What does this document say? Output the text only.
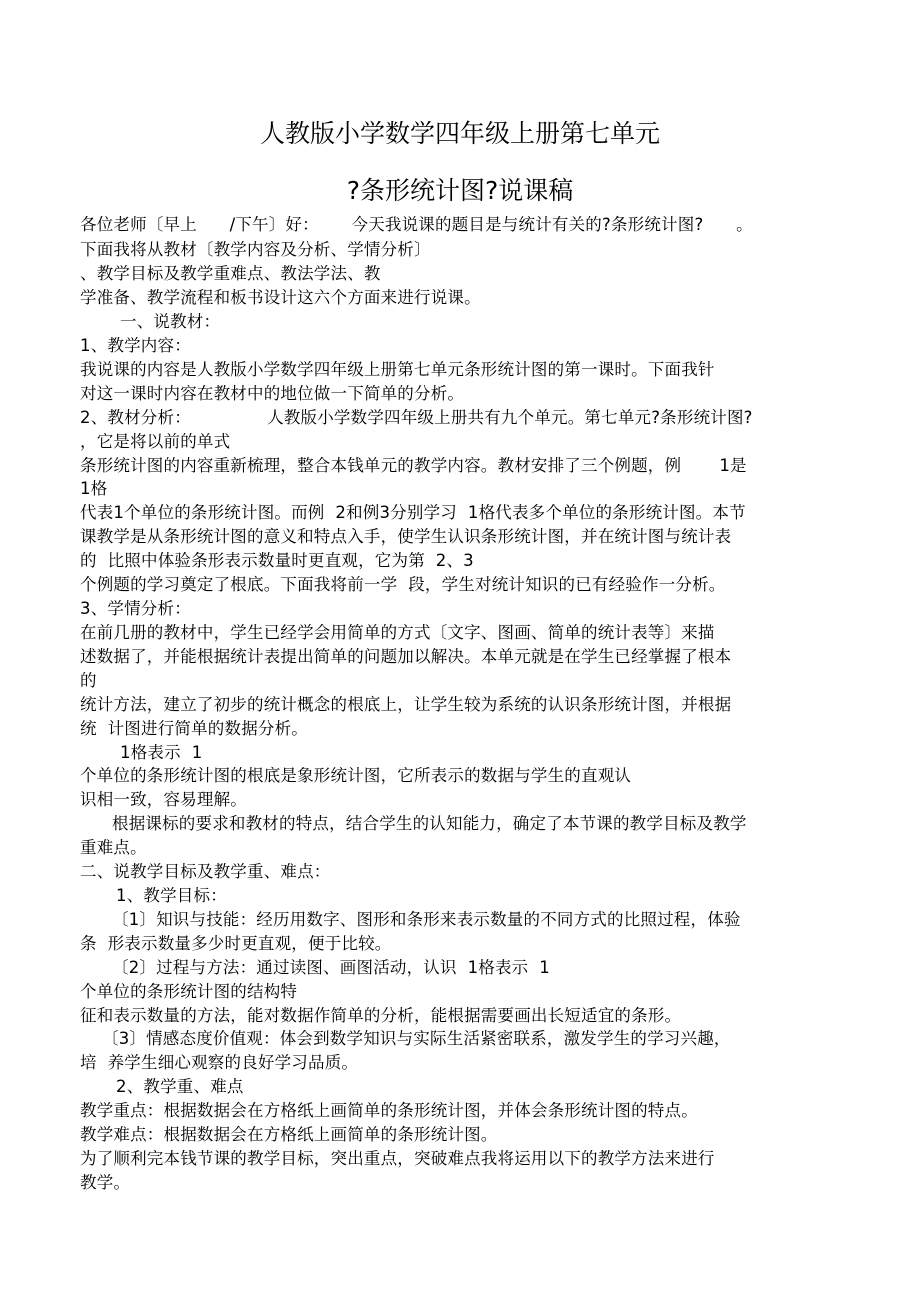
人教版小学数学四年级上册第七单元
?条形统计图?说课稿
各位老师〔早上      /下午〕好：      今天我说课的题目是与统计有关的?条形统计图?      。
下面我将从教材〔教学内容及分析、学情分析〕
、教学目标及教学重难点、教法学法、教
学准备、教学流程和板书设计这六个方面来进行说课。
一、说教材：
1、教学内容：
我说课的内容是人教版小学数学四年级上册第七单元条形统计图的第一课时。下面我针
对这一课时内容在教材中的地位做一下简单的分析。
2、教材分析：              人教版小学数学四年级上册共有九个单元。第七单元?条形统计图?
，它是将以前的单式
条形统计图的内容重新梳理，整合本钱单元的教学内容。教材安排了三个例题，例       1是
1格
代表1个单位的条形统计图。而例  2和例3分别学习  1格代表多个单位的条形统计图。本节
课教学是从条形统计图的意义和特点入手，使学生认识条形统计图，并在统计图与统计表
的  比照中体验条形表示数量时更直观，它为第  2、3
个例题的学习奠定了根底。下面我将前一学  段，学生对统计知识的已有经验作一分析。
3、学情分析：
在前几册的教材中，学生已经学会用简单的方式〔文字、图画、简单的统计表等〕来描
述数据了，并能根据统计表提出简单的问题加以解决。本单元就是在学生已经掌握了根本
的
统计方法，建立了初步的统计概念的根底上，让学生较为系统的认识条形统计图，并根据
统  计图进行简单的数据分析。
1格表示  1
个单位的条形统计图的根底是象形统计图，它所表示的数据与学生的直观认
识相一致，容易理解。
根据课标的要求和教材的特点，结合学生的认知能力，确定了本节课的教学目标及教学
重难点。
二、说教学目标及教学重、难点：
1、教学目标：
〔1〕知识与技能：经历用数字、图形和条形来表示数量的不同方式的比照过程，体验
条  形表示数量多少时更直观，便于比较。
〔2〕过程与方法：通过读图、画图活动，认识  1格表示  1
个单位的条形统计图的结构特
征和表示数量的方法，能对数据作简单的分析，能根据需要画出长短适宜的条形。
〔3〕情感态度价值观：体会到数学知识与实际生活紧密联系，激发学生的学习兴趣，
培  养学生细心观察的良好学习品质。
2、教学重、难点
教学重点：根据数据会在方格纸上画简单的条形统计图，并体会条形统计图的特点。
教学难点：根据数据会在方格纸上画简单的条形统计图。
为了顺利完本钱节课的教学目标，突出重点，突破难点我将运用以下的教学方法来进行
教学。
